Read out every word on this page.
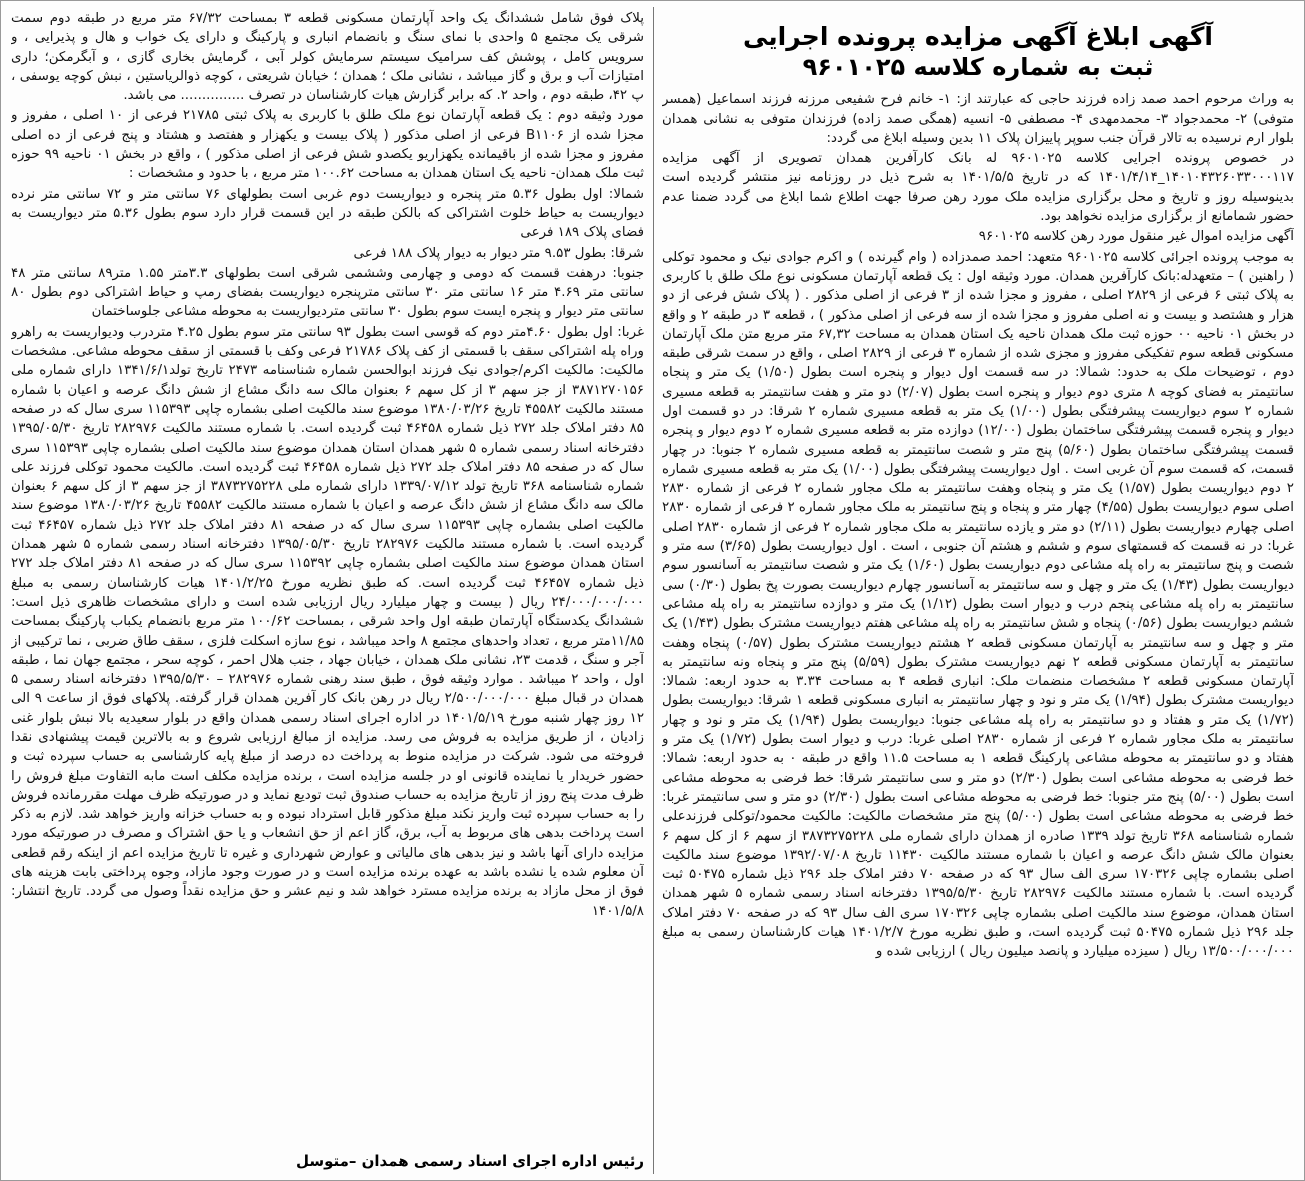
آگهی ابلاغ آگهی مزایده پرونده اجرایی
ثبت به شماره کلاسه ۹۶۰۱۰۲۵

به وراث مرحوم احمد صمد زاده فرزند حاجی که عبارتند از: ۱- خانم فرح شفیعی مرزنه فرزند اسماعیل (همسر متوفی) ۲- محمدجواد ۳- محمدمهدی ۴- مصطفی ۵- انسیه (همگی صمد زاده) فرزندان متوفی به نشانی همدان بلوار ارم نرسیده به تالار قرآن جنب سوپر پاییزان پلاک ۱۱ بدین وسیله ابلاغ می گردد:

در خصوص پرونده اجرایی کلاسه ۹۶۰۱۰۲۵ له بانک کارآفرین همدان تصویری از آگهی مزایده ۱۴۰۱۰۴۳۲۶۰۳۳۰۰۰۱۱۷_۱۴۰۱/۴/۱۴ که در تاریخ ۱۴۰۱/۵/۵ به شرح ذیل در روزنامه نیز منتشر گردیده است بدینوسیله روز و تاریخ و محل برگزاری مزایده ملک مورد رهن صرفا جهت اطلاع شما ابلاغ می گردد ضمنا عدم حضور شمامانع از برگزاری مزایده نخواهد بود.

آگهی مزایده اموال غیر منقول مورد رهن کلاسه ۹۶۰۱۰۲۵

به موجب پرونده اجرائی کلاسه ۹۶۰۱۰۲۵ متعهد: احمد صمدزاده ( وام گیرنده ) و اکرم جوادی نیک و محمود توکلی ( راهنین ) – متعهدله:بانک کارآفرین همدان. مورد وثیقه اول : یک قطعه آپارتمان مسکونی نوع ملک طلق با کاربری به پلاک ثبتی ۶ فرعی از ۲۸۲۹ اصلی ، مفروز و مجزا شده از ۳ فرعی از اصلی مذکور . ( پلاک شش فرعی از دو هزار و هشتصد و بیست و نه اصلی مفروز و مجزا شده از سه فرعی از اصلی مذکور ) ، قطعه ۳ در طبقه ۲ و واقع در بخش ۰۱ ناحیه ۰۰ حوزه ثبت ملک همدان ناحیه یک استان همدان به مساحت ۶۷,۳۲ متر مربع متن ملک آپارتمان مسکونی قطعه سوم تفکیکی مفروز و مجزی شده از شماره ۳ فرعی از ۲۸۲۹ اصلی ، واقع در سمت شرقی طبقه دوم ، توضیحات ملک به حدود: شمالا: در سه قسمت اول دیوار و پنجره است بطول (۱/۵۰) یک متر و پنجاه سانتیمتر به فضای کوچه ۸ متری دوم دیوار و پنجره است بطول (۲/۰۷) دو متر و هفت سانتیمتر به قطعه مسیری شماره ۲ سوم دیواریست پیشرفتگی بطول (۱/۰۰) یک متر به قطعه مسیری شماره ۲ شرقا: در دو قسمت اول دیوار و پنجره قسمت پیشرفتگی ساختمان بطول (۱۲/۰۰) دوازده متر به قطعه مسیری شماره ۲ دوم دیوار و پنجره قسمت پیشرفتگی ساختمان بطول (۵/۶۰) پنج متر و شصت سانتیمتر به قطعه مسیری شماره ۲ جنوبا: در چهار قسمت، که قسمت سوم آن غربی است . اول دیواریست پیشرفتگی بطول (۱/۰۰) یک متر به قطعه مسیری شماره ۲ دوم دیواریست بطول (۱/۵۷) یک متر و پنجاه وهفت سانتیمتر به ملک مجاور شماره ۲ فرعی از شماره ۲۸۳۰ اصلی سوم دیواریست بطول (۴/۵۵) چهار متر و پنجاه و پنج سانتیمتر به ملک مجاور شماره ۲ فرعی از شماره ۲۸۳۰ اصلی چهارم دیواریست بطول (۲/۱۱) دو متر و یازده سانتیمتر به ملک مجاور شماره ۲ فرعی از شماره ۲۸۳۰ اصلی غربا: در نه قسمت که قسمتهای سوم و ششم و هشتم آن جنوبی ، است . اول دیواریست بطول (۳/۶۵) سه متر و شصت و پنج سانتیمتر به راه پله مشاعی دوم دیواریست بطول (۱/۶۰) یک متر و شصت سانتیمتر به آسانسور سوم دیواریست بطول (۱/۴۳) یک متر و چهل و سه سانتیمتر به آسانسور چهارم دیواریست بصورت پخ بطول (۰/۳۰) سی سانتیمتر به راه پله مشاعی پنجم درب و دیوار است بطول (۱/۱۲) یک متر و دوازده سانتیمتر به راه پله مشاعی ششم دیواریست بطول (۰/۵۶) پنجاه و شش سانتیمتر به راه پله مشاعی هفتم دیواریست مشترک بطول (۱/۴۳) یک متر و چهل و سه سانتیمتر به آپارتمان مسکونی قطعه ۲ هشتم دیواریست مشترک بطول (۰/۵۷) پنجاه وهفت سانتیمتر به آپارتمان مسکونی قطعه ۲ نهم دیواریست مشترک بطول (۵/۵۹) پنج متر و پنجاه ونه سانتیمتر به آپارتمان مسکونی قطعه ۲ مشخصات منضمات ملک: انباری قطعه ۴ به مساحت ۳.۳۴ به حدود اربعه: شمالا: دیواریست مشترک بطول (۱/۹۴) یک متر و نود و چهار سانتیمتر به انباری مسکونی قطعه ۱ شرقا: دیواریست بطول (۱/۷۲) یک متر و هفتاد و دو سانتیمتر به راه پله مشاعی جنوبا: دیواریست بطول (۱/۹۴) یک متر و نود و چهار سانتیمتر به ملک مجاور شماره ۲ فرعی از شماره ۲۸۳۰ اصلی غربا: درب و دیوار است بطول (۱/۷۲) یک متر و هفتاد و دو سانتیمتر به محوطه مشاعی پارکینگ قطعه ۱ به مساحت ۱۱.۵ واقع در طبقه ۰ به حدود اربعه: شمالا: خط فرضی به محوطه مشاعی است بطول (۲/۳۰) دو متر و سی سانتیمتر شرقا: خط فرضی به محوطه مشاعی است بطول (۵/۰۰) پنج متر جنوبا: خط فرضی به محوطه مشاعی است بطول (۲/۳۰) دو متر و سی سانتیمتر غربا: خط فرضی به محوطه مشاعی است بطول (۵/۰۰) پنج متر مشخصات مالکیت: مالکیت محمود/توکلی فرزندعلی شماره شناسنامه ۳۶۸ تاریخ تولد ۱۳۳۹ صادره از همدان دارای شماره ملی ۳۸۷۳۲۷۵۲۲۸ از سهم ۶ از کل سهم ۶ بعنوان مالک شش دانگ عرصه و اعیان با شماره مستند مالکیت ۱۱۴۳۰ تاریخ ۱۳۹۲/۰۷/۰۸ موضوع سند مالکیت اصلی بشماره چاپی ۱۷۰۳۲۶ سری الف سال ۹۳ که در صفحه ۷۰ دفتر املاک جلد ۲۹۶ ذیل شماره ۵۰۴۷۵ ثبت گردیده است. با شماره مستند مالکیت ۲۸۲۹۷۶ تاریخ ۱۳۹۵/۵/۳۰ دفترخانه اسناد رسمی شماره ۵ شهر همدان استان همدان، موضوع سند مالکیت اصلی بشماره چاپی ۱۷۰۳۲۶ سری الف سال ۹۳ که در صفحه ۷۰ دفتر املاک جلد ۲۹۶ ذیل شماره ۵۰۴۷۵ ثبت گردیده است، و طبق نظریه مورخ ۱۴۰۱/۲/۷ هیات کارشناسان رسمی به مبلغ ۱۳/۵۰۰/۰۰۰/۰۰۰ ریال ( سیزده میلیارد و پانصد میلیون ریال ) ارزیابی شده و

پلاک فوق شامل ششدانگ یک واحد آپارتمان مسکونی قطعه ۳ بمساحت ۶۷/۳۲ متر مربع در طبقه دوم سمت شرقی یک مجتمع ۵ واحدی با نمای سنگ و بانضمام انباری و پارکینگ و دارای یک خواب و هال و پذیرایی ، و سرویس کامل ، پوشش کف سرامیک سیستم سرمایش کولر آبی ، گرمایش بخاری گازی ، و آبگرمکن؛ داری امتیازات آب و برق و گاز میباشد ، نشانی ملک ؛ همدان ؛ خیابان شریعتی ، کوچه ذوالریاستین ، نبش کوچه یوسفی ، پ ۴۲، طبقه دوم ، واحد ۲. که برابر گزارش هیات کارشناسان در تصرف ............... می باشد.

مورد وثیقه دوم : یک قطعه آپارتمان نوع ملک طلق با کاربری به پلاک ثبتی ۲۱۷۸۵ فرعی از ۱۰ اصلی ، مفروز و مجزا شده از B۱۱۰۶ فرعی از اصلی مذکور ( پلاک بیست و یکهزار و هفتصد و هشتاد و پنج فرعی از ده اصلی مفروز و مجزا شده از باقیمانده یکهزاریو یکصدو شش فرعی از اصلی مذکور ) ، واقع در بخش ۰۱ ناحیه ۹۹ حوزه ثبت ملک همدان- ناحیه یک استان همدان به مساحت ۱۰۰.۶۲ متر مربع ، با حدود و مشخصات :

شمالا: اول بطول ۵.۳۶ متر پنجره و دیواریست دوم غربی است بطولهای ۷۶ سانتی متر و ۷۲ سانتی متر نرده دیواریست به حیاط خلوت اشتراکی که بالکن طبقه در این قسمت قرار دارد سوم بطول ۵.۳۶ متر دیواریست به فضای پلاک ۱۸۹ فرعی

شرقا: بطول ۹.۵۳ متر دیوار به دیوار پلاک ۱۸۸ فرعی

جنوبا: درهفت قسمت که دومی و چهارمی وششمی شرقی است بطولهای ۳.۳متر ۱.۵۵ متر۸۹ سانتی متر ۴۸ سانتی متر ۴.۶۹ متر ۱۶ سانتی متر ۳۰ سانتی مترپنجره دیواریست بفضای رمپ و حیاط اشتراکی دوم بطول ۸۰ سانتی متر دیوار و پنجره ایست سوم بطول ۳۰ سانتی متردیواریست به محوطه مشاعی جلوساختمان

غربا: اول بطول ۴.۶۰متر دوم که قوسی است بطول ۹۳ سانتی متر سوم بطول ۴.۲۵ متردرب ودیواریست به راهرو وراه پله اشتراکی سقف با قسمتی از کف پلاک ۲۱۷۸۶ فرعی وکف با قسمتی از سقف محوطه مشاعی. مشخصات مالکیت: مالکیت اکرم/جوادی نیک فرزند ابوالحسن شماره شناسنامه ۲۴۷۳ تاریخ تولد۱۳۴۱/۶/۱ دارای شماره ملی ۳۸۷۱۲۷۰۱۵۶ از جز سهم ۳ از کل سهم ۶ بعنوان مالک سه دانگ مشاع از شش دانگ عرصه و اعیان با شماره مستند مالکیت ۴۵۵۸۲ تاریخ ۱۳۸۰/۰۳/۲۶ موضوع سند مالکیت اصلی بشماره چاپی ۱۱۵۳۹۳ سری سال که در صفحه ۸۵ دفتر املاک جلد ۲۷۲ ذیل شماره ۴۶۴۵۸ ثبت گردیده است. با شماره مستند مالکیت ۲۸۲۹۷۶ تاریخ ۱۳۹۵/۰۵/۳۰ دفترخانه اسناد رسمی شماره ۵ شهر همدان استان همدان موضوع سند مالکیت اصلی بشماره چاپی ۱۱۵۳۹۳ سری سال که در صفحه ۸۵ دفتر املاک جلد ۲۷۲ ذیل شماره ۴۶۴۵۸ ثبت گردیده است. مالکیت محمود توکلی فرزند علی شماره شناسنامه ۳۶۸ تاریخ تولد ۱۳۳۹/۰۷/۱۲ دارای شماره ملی ۳۸۷۳۲۷۵۲۲۸ از جز سهم ۳ از کل سهم ۶ بعنوان مالک سه دانگ مشاع از شش دانگ عرصه و اعیان با شماره مستند مالکیت ۴۵۵۸۲ تاریخ ۱۳۸۰/۰۳/۲۶ موضوع سند مالکیت اصلی بشماره چاپی ۱۱۵۳۹۳ سری سال که در صفحه ۸۱ دفتر املاک جلد ۲۷۲ ذیل شماره ۴۶۴۵۷ ثبت گردیده است. با شماره مستند مالکیت ۲۸۲۹۷۶ تاریخ ۱۳۹۵/۰۵/۳۰ دفترخانه اسناد رسمی شماره ۵ شهر همدان استان همدان موضوع سند مالکیت اصلی بشماره چاپی ۱۱۵۳۹۲ سری سال که در صفحه ۸۱ دفتر املاک جلد ۲۷۲ ذیل شماره ۴۶۴۵۷ ثبت گردیده است. که طبق نظریه مورخ ۱۴۰۱/۲/۲۵ هیات کارشناسان رسمی به مبلغ ۲۴/۰۰۰/۰۰۰/۰۰۰ ریال ( بیست و چهار میلیارد ریال ارزیابی شده است و دارای مشخصات ظاهری ذیل است: ششدانگ یکدستگاه آپارتمان طبقه اول واحد شرقی ، بمساحت ۱۰۰/۶۲ متر مربع بانضمام یکباب پارکینگ بمساحت ۱۱/۸۵متر مربع ، تعداد واحدهای مجتمع ۸ واحد میباشد ، نوع سازه اسکلت فلزی ، سقف طاق ضربی ، نما ترکیبی از آجر و سنگ ، قدمت ۲۳، نشانی ملک همدان ، خیابان جهاد ، جنب هلال احمر ، کوچه سحر ، مجتمع جهان نما ، طبقه اول ، واحد ۲ میباشد . موارد وثیقه فوق ، طبق سند رهنی شماره ۲۸۲۹۷۶ – ۱۳۹۵/۵/۳۰ دفترخانه اسناد رسمی ۵ همدان در قبال مبلغ ۲/۵۰۰/۰۰۰/۰۰۰ ریال در رهن بانک کار آفرین همدان قرار گرفته. پلاکهای فوق از ساعت ۹ الی ۱۲ روز چهار شنبه مورخ ۱۴۰۱/۵/۱۹ در اداره اجرای اسناد رسمی همدان واقع در بلوار سعیدیه بالا نبش بلوار غنی زادیان ، از طریق مزایده به فروش می رسد. مزایده از مبالغ ارزیابی شروع و به بالاترین قیمت پیشنهادی نقدا فروخته می شود. شرکت در مزایده منوط به پرداخت ده درصد از مبلغ پایه کارشناسی به حساب سپرده ثبت و حضور خریدار یا نماینده قانونی او در جلسه مزایده است ، برنده مزایده مکلف است مابه التفاوت مبلغ فروش را ظرف مدت پنج روز از تاریخ مزایده به حساب صندوق ثبت تودیع نماید و در صورتیکه ظرف مهلت مقررمانده فروش را به حساب سپرده ثبت واریز نکند مبلغ مذکور قابل استرداد نبوده و به حساب خزانه واریز خواهد شد. لازم به ذکر است پرداخت بدهی های مربوط به آب، برق، گاز اعم از حق انشعاب و یا حق اشتراک و مصرف در صورتیکه مورد مزایده دارای آنها باشد و نیز بدهی های مالیاتی و عوارض شهرداری و غیره تا تاریخ مزایده اعم از اینکه رقم قطعی آن معلوم شده یا نشده باشد به عهده برنده مزایده است و در صورت وجود مازاد، وجوه پرداختی بابت هزینه های فوق از محل مازاد به برنده مزایده مسترد خواهد شد و نیم عشر و حق مزایده نقداً وصول می گردد. تاریخ انتشار: ۱۴۰۱/۵/۸

رئیس اداره اجرای اسناد رسمی همدان –متوسل
